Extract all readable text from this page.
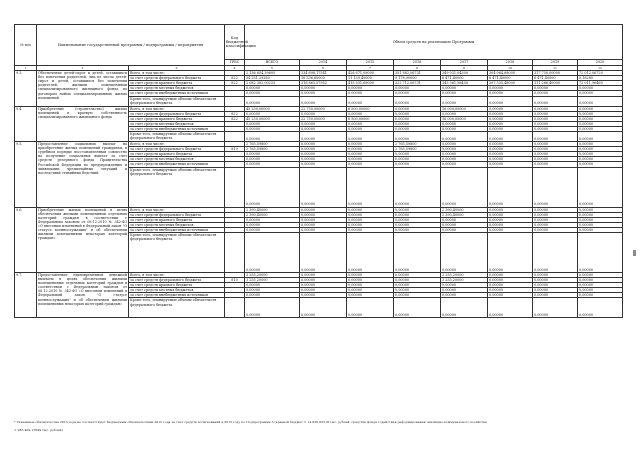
№ п/п	Наименование государственной программы / подпрограммы / мероприятия		Код бюджетной классификации	Объем средств на реализацию Программы							
			ГРБС	ВСЕГО	2014	2015	2016	2017	2018	2019	2020
1	2	3	4	5	6	7	8	9	10	11	12
9.3.	Обеспечение детей-сирот и детей, оставшихся без попечения родителей, лиц из числа детей-сирот и детей, оставшихся без попечения родителей, жилыми помещениями специализированного жилищного фонда по договорам найма специализированных жилых помещений	Всего, в том числе:		2 136 654,39695	334 698,17541	426 671,09000	351 882,06731	349 031,04300	304 064,68000	317 730,00000	72 012,06720
		за счет средств федерального бюджета	822	54 251,29280	16 536,60000	11 139,40000	9 178,90000	6 471,40000	6 471,40000	6 471,40000	0,18280
		за счет средств краевого бюджета	822	2 082 382,00233	316 863,57952	415 531,69000	322 712,06731	343 361,58400	297 535,48000	311 266,40000	72 011,96460
		за счет средств местных бюджетов		0,00000	0,00000	0,00000	0,00000	0,00000	0,00000	0,00000	0,00000
		за счет средств внебюджетных источников		0,00000	0,00000	0,00000	0,00000	0,00000	0,00000	0,00000	0,00000
		Кроме того, планируемые объемы обязательств федерального бюджета		0,00000	0,00000	0,00000	0,00000	0,00000	0,00000	0,00000	0,00000
9.4.	Приобретение (строительство) жилых помещений в краевую собственность специализированного жилищного фонда	Всего, в том числе:		45 250,00000	22 750,00000	6 500,00000	0,00000	16 000,00000	0,00000	0,00000	0,00000
		за счет средств федерального бюджета	822	0,00000	0,00000	0,00000	0,00000	0,00000	0,00000	0,00000	0,00000
		за счет средств краевого бюджета	822	45 250,00000	22 750,00000	6 500,00000	0,00000	16 000,00000	0,00000	0,00000	0,00000
		за счет средств местных бюджетов		0,00000	0,00000	0,00000	0,00000	0,00000	0,00000	0,00000	0,00000
		за счет средств внебюджетных источников		0,00000	0,00000	0,00000	0,00000	0,00000	0,00000	0,00000	0,00000
		Кроме того, планируемые объемы обязательств федерального бюджета		0,00000	0,00000	0,00000	0,00000	0,00000	0,00000	0,00000	0,00000
9.5.	Предоставление социальных выплат на приобретение жилых помещений гражданам, в судебном порядке восстановленным совместно на получение социальных выплат за счет средств резервного фонда Правительства Российской Федерации по предупреждению и ликвидации чрезвычайных ситуаций и последствий стихийных бедствий	Всего, в том числе:		2 765,59800	0,00000	0,00000	2 765,59800	0,00000	0,00000	0,00000	0,00000
		за счет средств федерального бюджета	810	2 765,59800	0,00000	0,00000	2 765,59800	0,00000	0,00000	0,00000	0,00000
		за счет средств краевого бюджета		0,00000	0,00000	0,00000	0,00000	0,00000	0,00000	0,00000	0,00000
		за счет средств местных бюджетов		0,00000	0,00000	0,00000	0,00000	0,00000	0,00000	0,00000	0,00000
		за счет средств внебюджетных источников		0,00000	0,00000	0,00000	0,00000	0,00000	0,00000	0,00000	0,00000
		Кроме того, планируемые объемы обязательств федерального бюджета		0,00000	0,00000	0,00000	0,00000	0,00000	0,00000	0,00000	0,00000
9.6.	Приобретение жилых помещений в целях обеспечения жилыми помещениями отдельных категорий граждан в соответствии с Федеральным законом от 08.12.2010 № 342-ФЗ «О внесении изменений в Федеральный закон "О статусе военнослужащих" и об обеспечении жилыми помещениями некоторых категорий граждан»	Всего, в том числе:		2 390,40000	0,00000	0,00000	0,00000	2 390,40000	0,00000	0,00000	0,00000
		за счет средств федерального бюджета		2 390,40000	0,00000	0,00000	0,00000	2 390,40000	0,00000	0,00000	0,00000
		за счет средств краевого бюджета		0,00000	0,00000	0,00000	0,00000	0,00000	0,00000	0,00000	0,00000
		за счет средств местных бюджетов		0,00000	0,00000	0,00000	0,00000	0,00000	0,00000	0,00000	0,00000
		за счет средств внебюджетных источников		0,00000	0,00000	0,00000	0,00000	0,00000	0,00000	0,00000	0,00000
		Кроме того, планируемые объемы обязательств федерального бюджета		0,00000	0,00000	0,00000	0,00000	0,00000	0,00000	0,00000	0,00000
9.7.	Предоставление единовременной денежной выплаты в целях обеспечения жилыми помещениями отдельных категорий граждан в соответствии с Федеральным законом от 08.12.2010 № 342-ФЗ «О внесении изменений в Федеральный закон "О статусе военнослужащих" и об обеспечении жилыми помещениями некоторых категорий граждан»	Всего, в том числе:		3 255,20000	0,00000	0,00000	0,00000	3 255,20000	0,00000	0,00000	0,00000
		за счет средств федерального бюджета	810	3 255,20000	0,00000	0,00000	0,00000	3 255,20000	0,00000	0,00000	0,00000
		за счет средств краевого бюджета		0,00000	0,00000	0,00000	0,00000	0,00000	0,00000	0,00000	0,00000
		за счет средств местных бюджетов		0,00000	0,00000	0,00000	0,00000	0,00000	0,00000	0,00000	0,00000
		за счет средств внебюджетных источников		0,00000	0,00000	0,00000	0,00000	0,00000	0,00000	0,00000	0,00000
		Кроме того, планируемые объемы обязательств федерального бюджета		0,00000	0,00000	0,00000	0,00000	0,00000	0,00000	0,00000	0,00000
* Указанные обязательства 2015 года не соответствуют бюджетным обязательствам 2015 года за счет средств ассигнований в 2015 году по Подпрограмме 3 (краевой бюджет = 14 626,02518 тыс. рублей, средства фонда содействия реформированию жилищно-коммунального хозяйства
= 283 409,17849 тыс. рублей)
